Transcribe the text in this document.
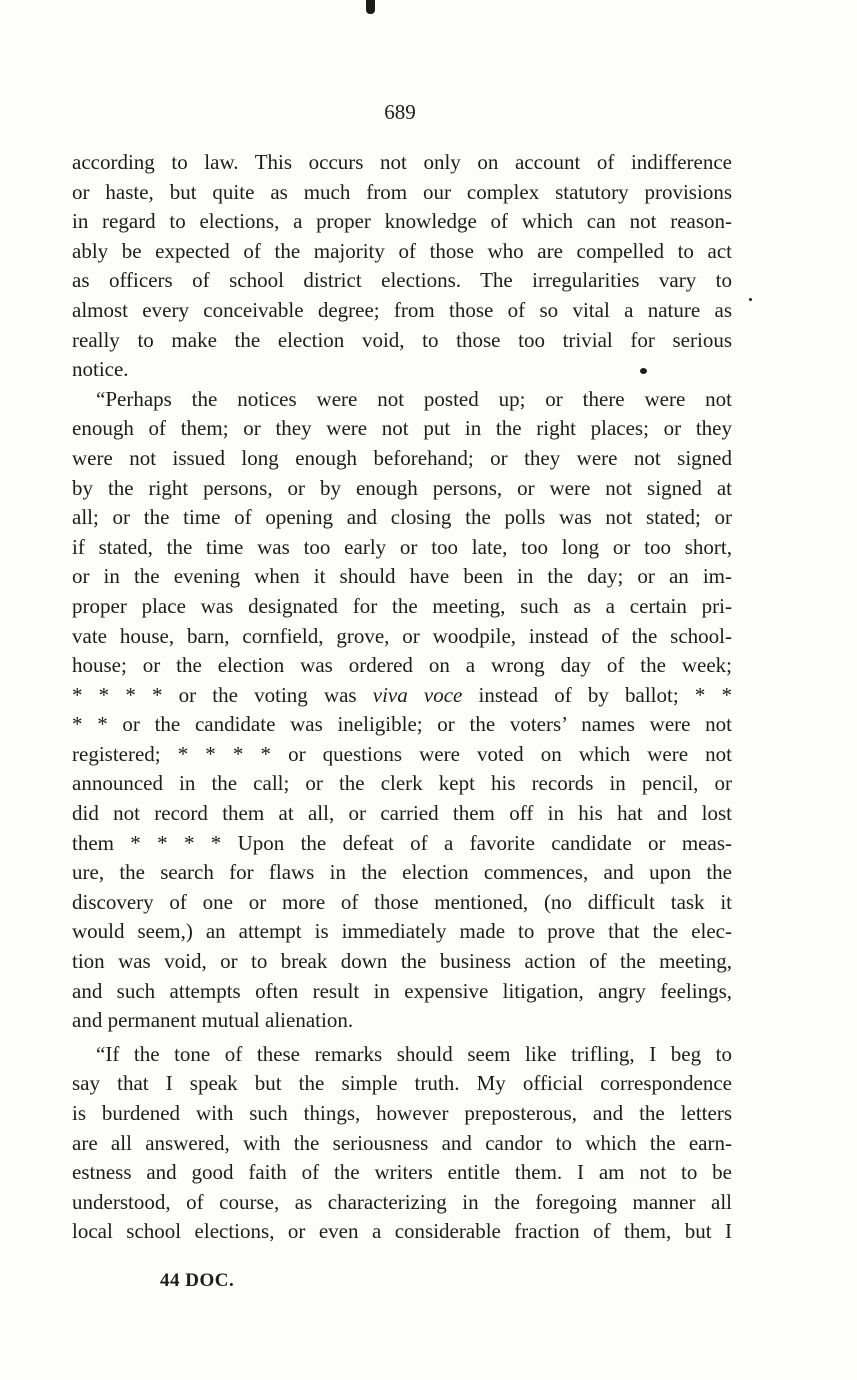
689
according to law. This occurs not only on account of indifference
or haste, but quite as much from our complex statutory provisions
in regard to elections, a proper knowledge of which can not reason-
ably be expected of the majority of those who are compelled to act
as officers of school district elections. The irregularities vary to
almost every conceivable degree; from those of so vital a nature as
really to make the election void, to those too trivial for serious
notice.
“Perhaps the notices were not posted up; or there were not
enough of them; or they were not put in the right places; or they
were not issued long enough beforehand; or they were not signed
by the right persons, or by enough persons, or were not signed at
all; or the time of opening and closing the polls was not stated; or
if stated, the time was too early or too late, too long or too short,
or in the evening when it should have been in the day; or an im-
proper place was designated for the meeting, such as a certain pri-
vate house, barn, cornfield, grove, or woodpile, instead of the school-
house; or the election was ordered on a wrong day of the week;
* * * * or the voting was viva voce instead of by ballot; * *
* * or the candidate was ineligible; or the voters’ names were not
registered; * * * * or questions were voted on which were not
announced in the call; or the clerk kept his records in pencil, or
did not record them at all, or carried them off in his hat and lost
them * * * * Upon the defeat of a favorite candidate or meas-
ure, the search for flaws in the election commences, and upon the
discovery of one or more of those mentioned, (no difficult task it
would seem,) an attempt is immediately made to prove that the elec-
tion was void, or to break down the business action of the meeting,
and such attempts often result in expensive litigation, angry feelings,
and permanent mutual alienation.
“If the tone of these remarks should seem like trifling, I beg to
say that I speak but the simple truth. My official correspondence
is burdened with such things, however preposterous, and the letters
are all answered, with the seriousness and candor to which the earn-
estness and good faith of the writers entitle them. I am not to be
understood, of course, as characterizing in the foregoing manner all
local school elections, or even a considerable fraction of them, but I
44 DOC.
